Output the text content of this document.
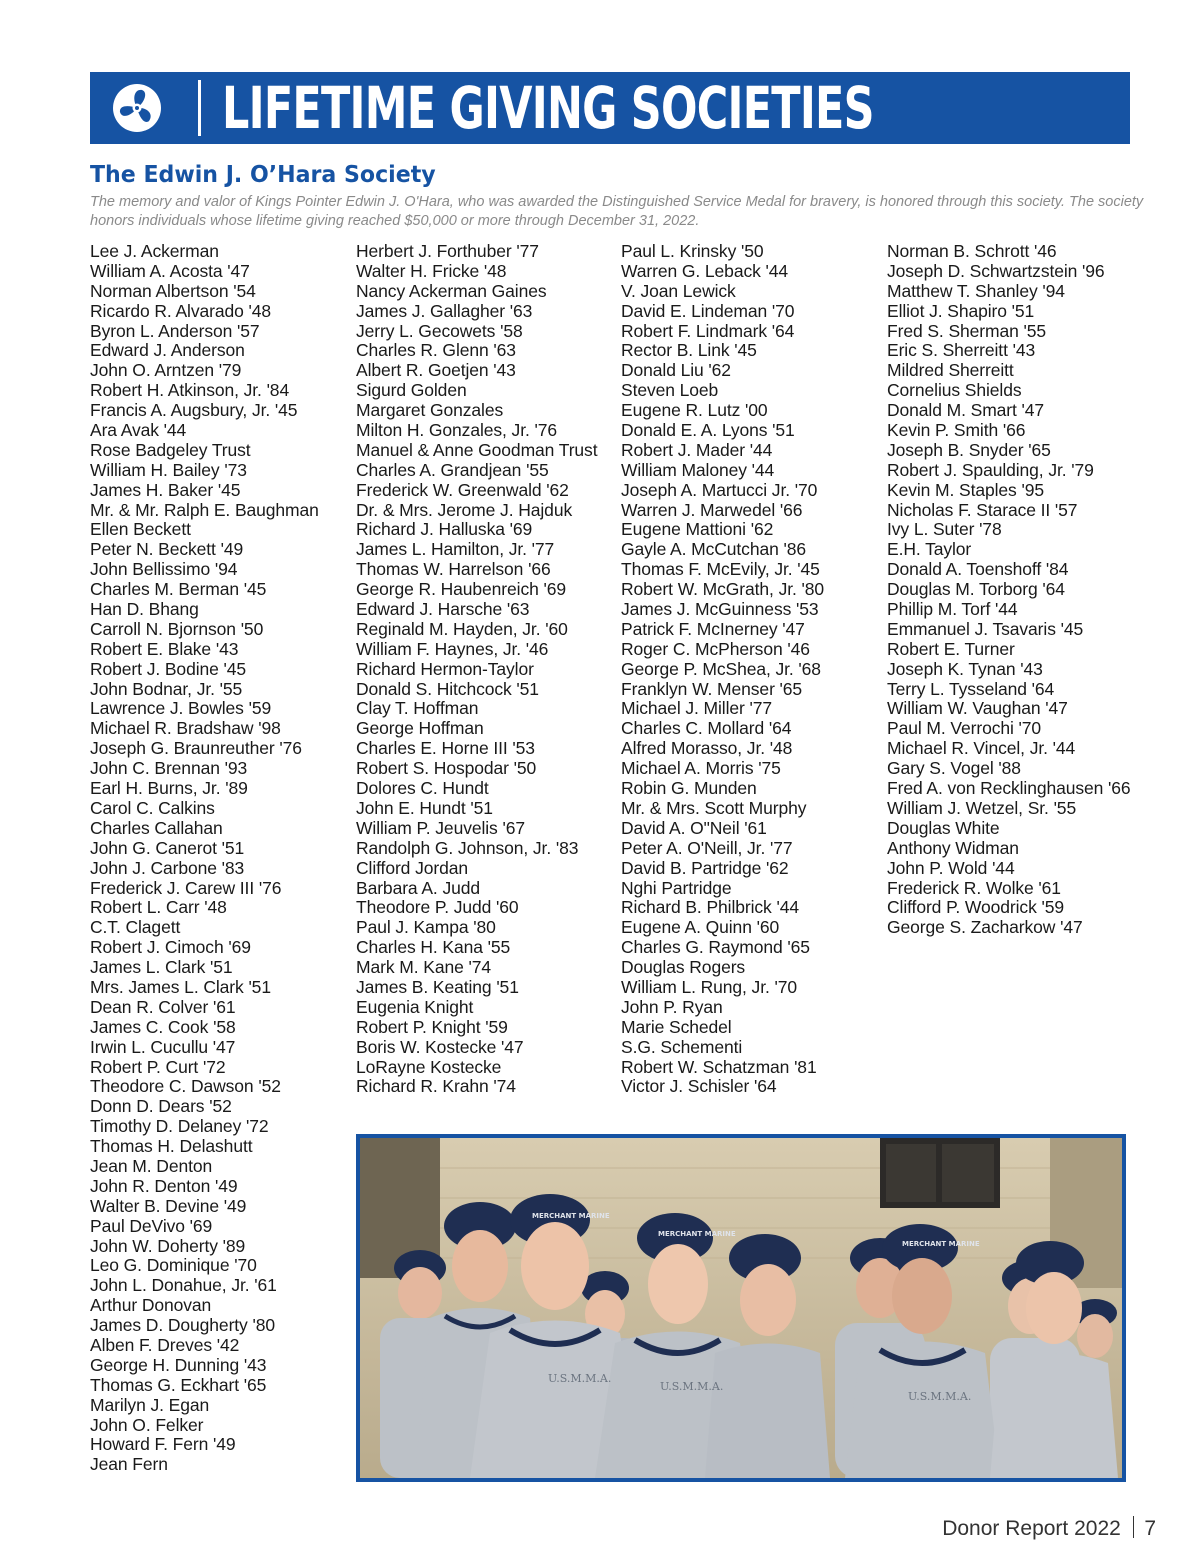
LIFETIME GIVING SOCIETIES
The Edwin J. O’Hara Society

The memory and valor of Kings Pointer Edwin J. O'Hara, who was awarded the Distinguished Service Medal for bravery, is honored through this society. The society honors individuals whose lifetime giving reached $50,000 or more through December 31, 2022.

Lee J. Ackerman
William A. Acosta '47
Norman Albertson '54
Ricardo R. Alvarado '48
Byron L. Anderson '57
Edward J. Anderson
John O. Arntzen '79
Robert H. Atkinson, Jr. '84
Francis A. Augsbury, Jr. '45
Ara Avak '44
Rose Badgeley Trust
William H. Bailey '73
James H. Baker '45
Mr. & Mr. Ralph E. Baughman
Ellen Beckett
Peter N. Beckett '49
John Bellissimo '94
Charles M. Berman '45
Han D. Bhang
Carroll N. Bjornson '50
Robert E. Blake '43
Robert J. Bodine '45
John Bodnar, Jr. '55
Lawrence J. Bowles '59
Michael R. Bradshaw '98
Joseph G. Braunreuther '76
John C. Brennan '93
Earl H. Burns, Jr. '89
Carol C. Calkins
Charles Callahan
John G. Canerot '51
John J. Carbone '83
Frederick J. Carew III '76
Robert L. Carr '48
C.T. Clagett
Robert J. Cimoch '69
James L. Clark '51
Mrs. James L. Clark '51
Dean R. Colver '61
James C. Cook '58
Irwin L. Cucullu '47
Robert P. Curt '72
Theodore C. Dawson '52
Donn D. Dears '52
Timothy D. Delaney '72
Thomas H. Delashutt
Jean M. Denton
John R. Denton '49
Walter B. Devine '49
Paul DeVivo '69
John W. Doherty '89
Leo G. Dominique '70
John L. Donahue, Jr. '61
Arthur Donovan
James D. Dougherty '80
Alben F. Dreves '42
George H. Dunning '43
Thomas G. Eckhart '65
Marilyn J. Egan
John O. Felker
Howard F. Fern '49
Jean Fern
Herbert J. Forthuber '77
Walter H. Fricke '48
Nancy Ackerman Gaines
James J. Gallagher '63
Jerry L. Gecowets '58
Charles R. Glenn '63
Albert R. Goetjen '43
Sigurd Golden
Margaret Gonzales
Milton H. Gonzales, Jr. '76
Manuel & Anne Goodman Trust
Charles A. Grandjean '55
Frederick W. Greenwald '62
Dr. & Mrs. Jerome J. Hajduk
Richard J. Halluska '69
James L. Hamilton, Jr. '77
Thomas W. Harrelson '66
George R. Haubenreich '69
Edward J. Harsche '63
Reginald M. Hayden, Jr. '60
William F. Haynes, Jr. '46
Richard Hermon-Taylor
Donald S. Hitchcock '51
Clay T. Hoffman
George Hoffman
Charles E. Horne III '53
Robert S. Hospodar '50
Dolores C. Hundt
John E. Hundt '51
William P. Jeuvelis '67
Randolph G. Johnson, Jr. '83
Clifford Jordan
Barbara A. Judd
Theodore P. Judd '60
Paul J. Kampa '80
Charles H. Kana '55
Mark M. Kane '74
James B. Keating '51
Eugenia Knight
Robert P. Knight '59
Boris W. Kostecke '47
LoRayne Kostecke
Richard R. Krahn '74
Paul L. Krinsky '50
Warren G. Leback '44
V. Joan Lewick
David E. Lindeman '70
Robert F. Lindmark '64
Rector B. Link '45
Donald Liu '62
Steven Loeb
Eugene R. Lutz '00
Donald E. A. Lyons '51
Robert J. Mader '44
William Maloney '44
Joseph A. Martucci Jr. '70
Warren J. Marwedel '66
Eugene Mattioni '62
Gayle A. McCutchan '86
Thomas F. McEvily, Jr. '45
Robert W. McGrath, Jr. '80
James J. McGuinness '53
Patrick F. McInerney '47
Roger C. McPherson '46
George P. McShea, Jr. '68
Franklyn W. Menser '65
Michael J. Miller '77
Charles C. Mollard '64
Alfred Morasso, Jr. '48
Michael A. Morris '75
Robin G. Munden
Mr. & Mrs. Scott Murphy
David A. O"Neil '61
Peter A. O'Neill, Jr. '77
David B. Partridge '62
Nghi Partridge
Richard B. Philbrick '44
Eugene A. Quinn '60
Charles G. Raymond '65
Douglas Rogers
William L. Rung, Jr. '70
John P. Ryan
Marie Schedel
S.G. Schementi
Robert W. Schatzman '81
Victor J. Schisler '64
Norman B. Schrott '46
Joseph D. Schwartzstein '96
Matthew T. Shanley '94
Elliot J. Shapiro '51
Fred S. Sherman '55
Eric S. Sherreitt '43
Mildred Sherreitt
Cornelius Shields
Donald M. Smart '47
Kevin P. Smith '66
Joseph B. Snyder '65
Robert J. Spaulding, Jr. '79
Kevin M. Staples '95
Nicholas F. Starace II '57
Ivy L. Suter '78
E.H. Taylor
Donald A. Toenshoff '84
Douglas M. Torborg '64
Phillip M. Torf '44
Emmanuel J. Tsavaris '45
Robert E. Turner
Joseph K. Tynan '43
Terry L. Tysseland '64
William W. Vaughan '47
Paul M. Verrochi '70
Michael R. Vincel, Jr. '44
Gary S. Vogel '88
Fred A. von Recklinghausen '66
William J. Wetzel, Sr. '55
Douglas White
Anthony Widman
John P. Wold '44
Frederick R. Wolke '61
Clifford P. Woodrick '59
George S. Zacharkow '47
MERCHANT MARINE
MERCHANT MARINE
MERCHANT MARINE
U.S.M.M.A.
U.S.M.M.A.
U.S.M.M.A.
Donor Report 2022 7
